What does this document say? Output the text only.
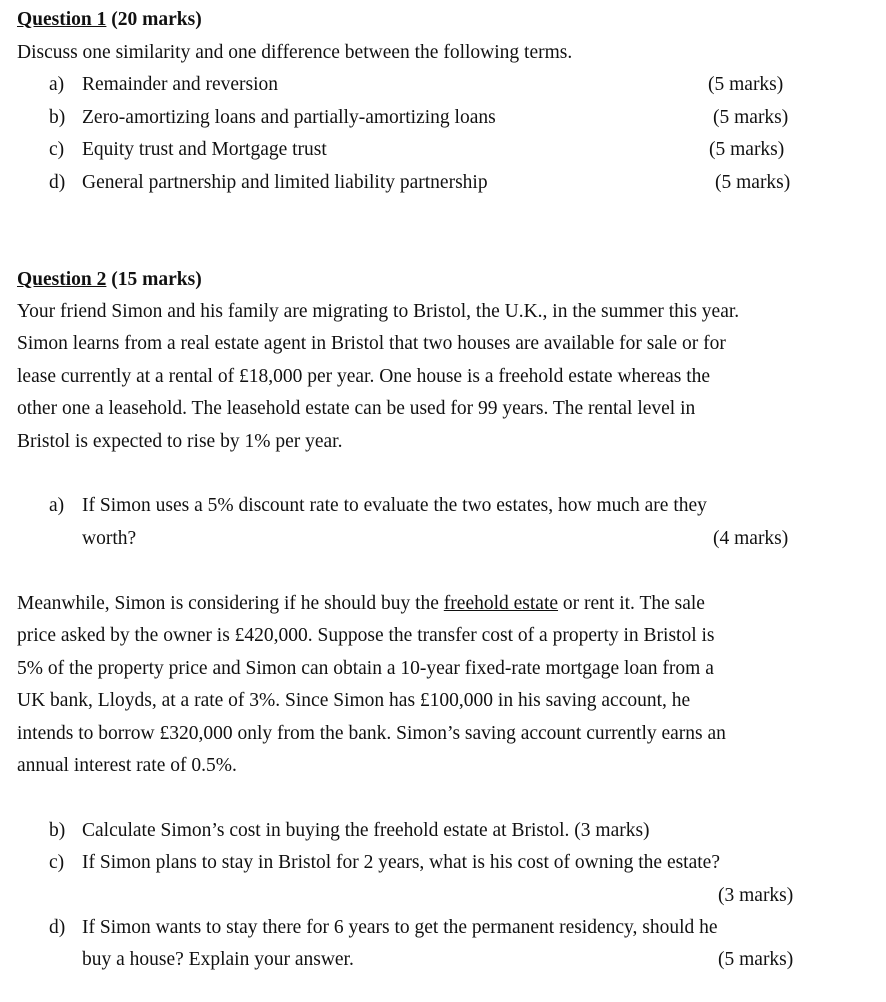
Question 1 (20 marks)
Discuss one similarity and one difference between the following terms.
a) Remainder and reversion	(5 marks)
b) Zero-amortizing loans and partially-amortizing loans	(5 marks)
c) Equity trust and Mortgage trust	(5 marks)
d) General partnership and limited liability partnership	(5 marks)
Question 2 (15 marks)
Your friend Simon and his family are migrating to Bristol, the U.K., in the summer this year.
Simon learns from a real estate agent in Bristol that two houses are available for sale or for
lease currently at a rental of £18,000 per year. One house is a freehold estate whereas the
other one a leasehold. The leasehold estate can be used for 99 years. The rental level in
Bristol is expected to rise by 1% per year.
a) If Simon uses a 5% discount rate to evaluate the two estates, how much are they
worth?	(4 marks)
Meanwhile, Simon is considering if he should buy the freehold estate or rent it. The sale
price asked by the owner is £420,000. Suppose the transfer cost of a property in Bristol is
5% of the property price and Simon can obtain a 10-year fixed-rate mortgage loan from a
UK bank, Lloyds, at a rate of 3%. Since Simon has £100,000 in his saving account, he
intends to borrow £320,000 only from the bank. Simon’s saving account currently earns an
annual interest rate of 0.5%.
b) Calculate Simon’s cost in buying the freehold estate at Bristol. (3 marks)
c) If Simon plans to stay in Bristol for 2 years, what is his cost of owning the estate?
(3 marks)
d) If Simon wants to stay there for 6 years to get the permanent residency, should he
buy a house? Explain your answer.	(5 marks)
